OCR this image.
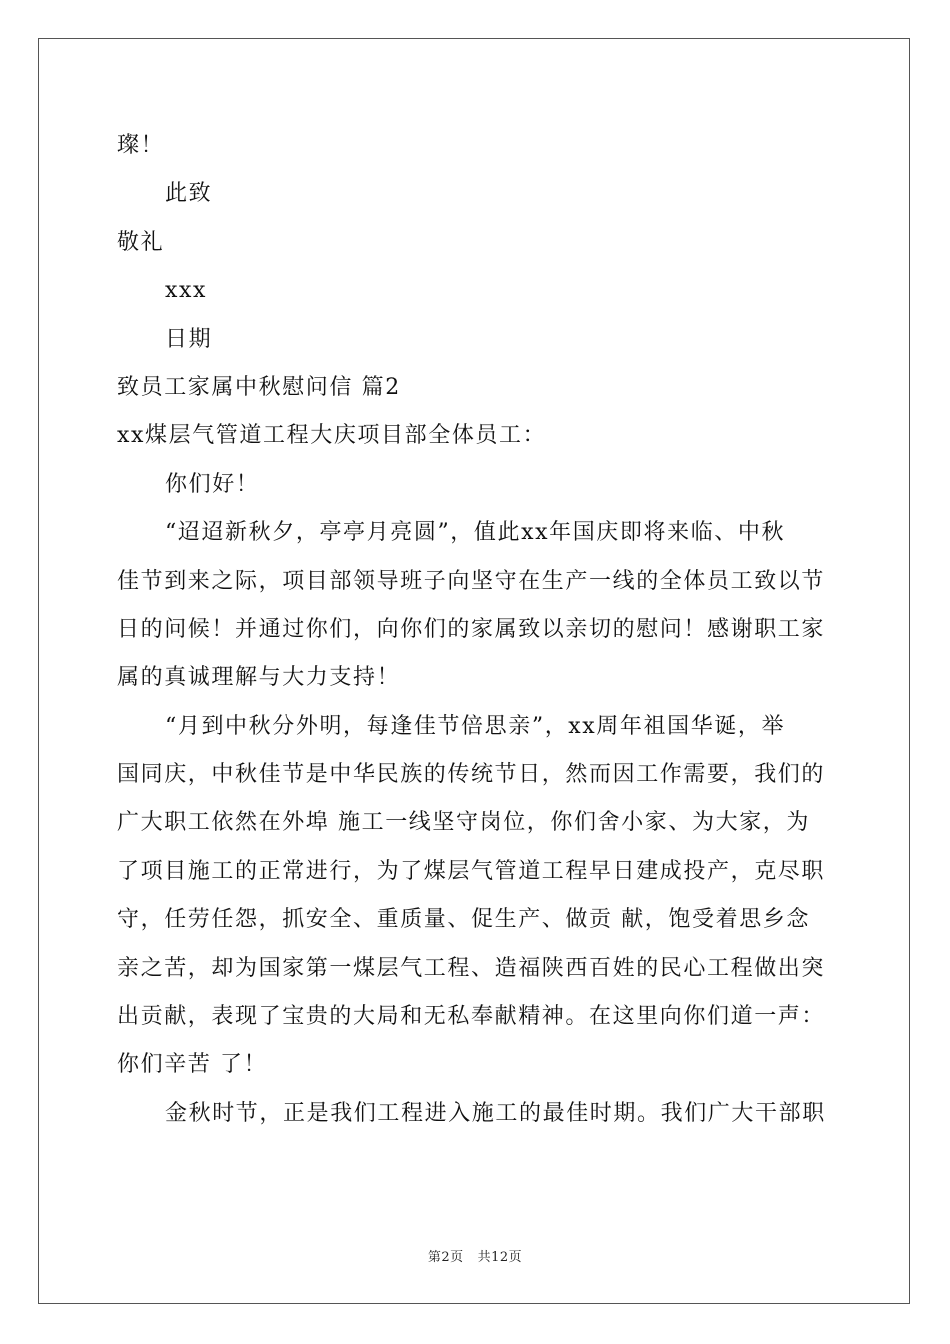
璨！
此致
敬礼
xxx
日期
致员工家属中秋慰问信 篇2
xx煤层气管道工程大庆项目部全体员工：
你们好！
“迢迢新秋夕，亭亭月亮圆”，值此xx年国庆即将来临、中秋
佳节到来之际，项目部领导班子向坚守在生产一线的全体员工致以节
日的问候！并通过你们，向你们的家属致以亲切的慰问！感谢职工家
属的真诚理解与大力支持！
“月到中秋分外明，每逢佳节倍思亲”，xx周年祖国华诞，举
国同庆，中秋佳节是中华民族的传统节日，然而因工作需要，我们的
广大职工依然在外埠 施工一线坚守岗位，你们舍小家、为大家，为
了项目施工的正常进行，为了煤层气管道工程早日建成投产，克尽职
守，任劳任怨，抓安全、重质量、促生产、做贡 献，饱受着思乡念
亲之苦，却为国家第一煤层气工程、造福陕西百姓的民心工程做出突
出贡献，表现了宝贵的大局和无私奉献精神。在这里向你们道一声：
你们辛苦 了！
金秋时节，正是我们工程进入施工的最佳时期。我们广大干部职
第2页 共12页
